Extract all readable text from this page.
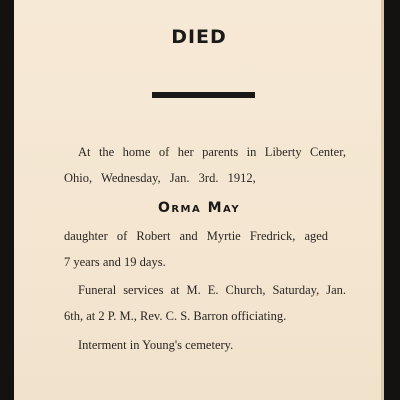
DIED
At the home of her parents in Liberty Center,
Ohio, Wednesday, Jan. 3rd. 1912,
Orma May
daughter of Robert and Myrtie Fredrick, aged
7 years and 19 days.
Funeral services at M. E. Church, Saturday, Jan.
6th, at 2 P. M., Rev. C. S. Barron officiating.
Interment in Young's cemetery.
